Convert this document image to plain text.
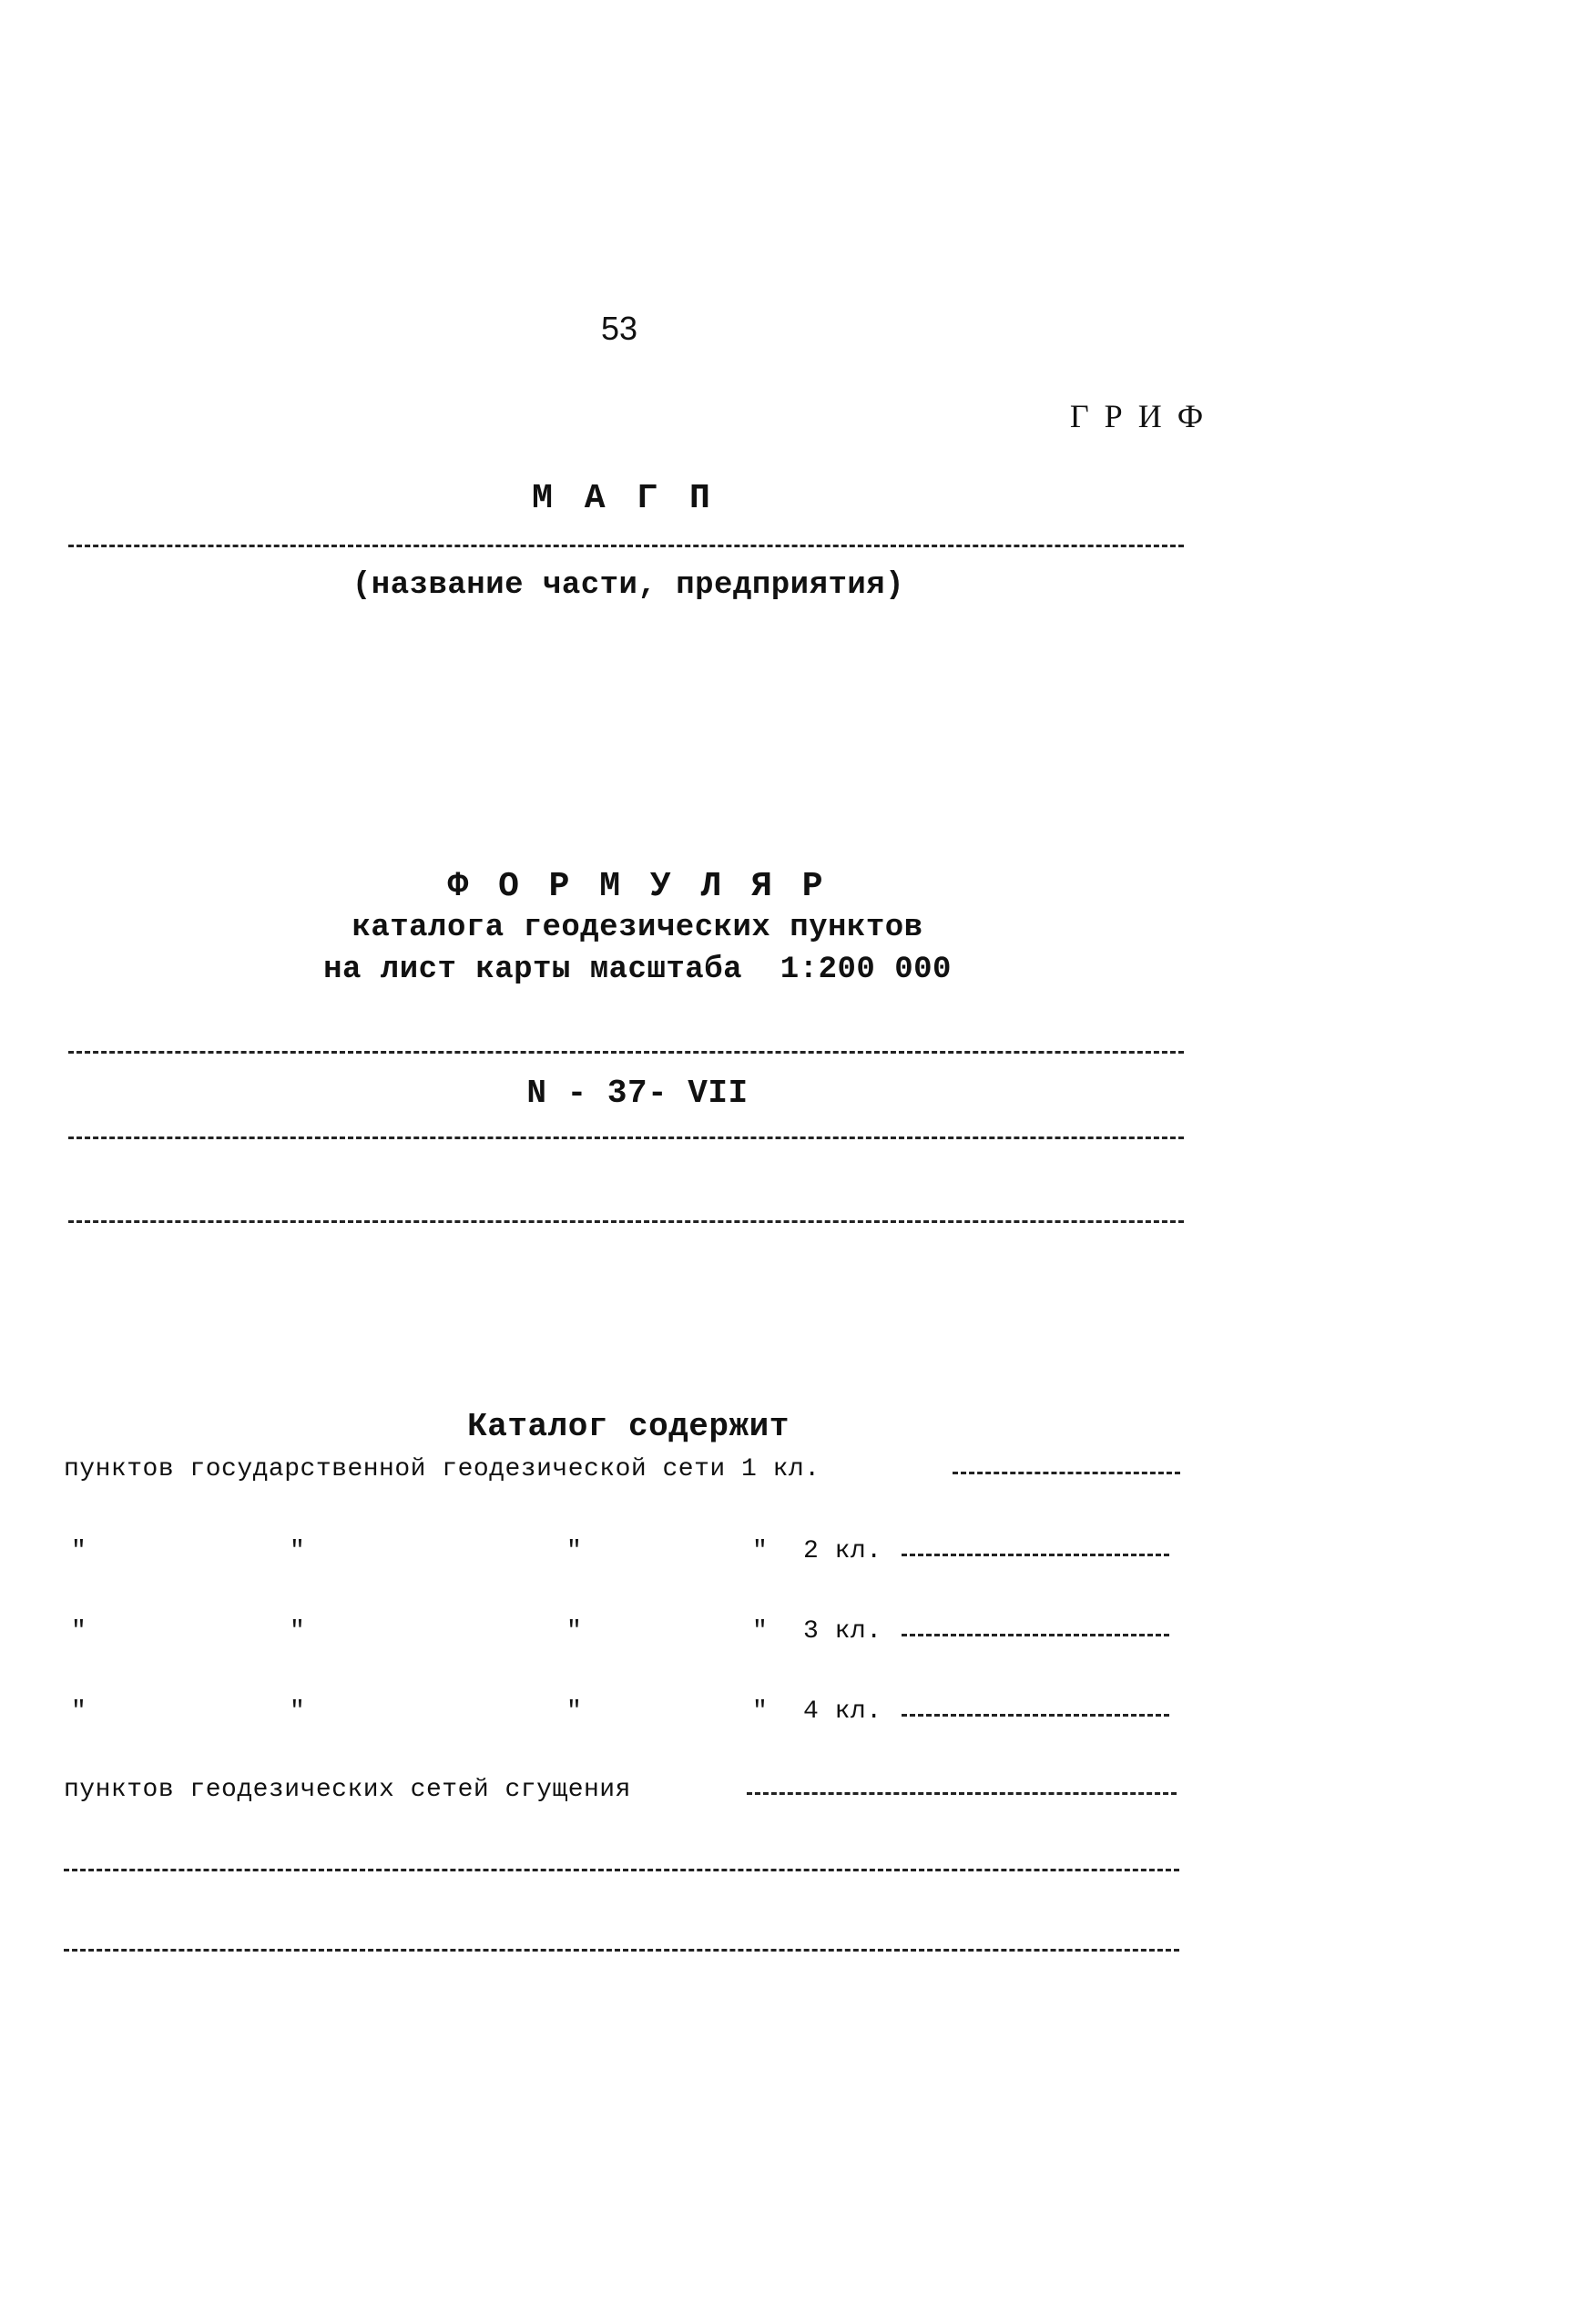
53
Г Р И Ф
М А Г П
(название части, предприятия)
Ф О Р М У Л Я Р
каталога геодезических пунктов
на лист карты масштаба  1:200 000
N - 37- VII
Каталог содержит
пунктов государственной геодезической сети 1 кл.
"	"	"	" 2 кл.
"	"	"	" 3 кл.
"	"	"	" 4 кл.
пунктов геодезических сетей сгущения
